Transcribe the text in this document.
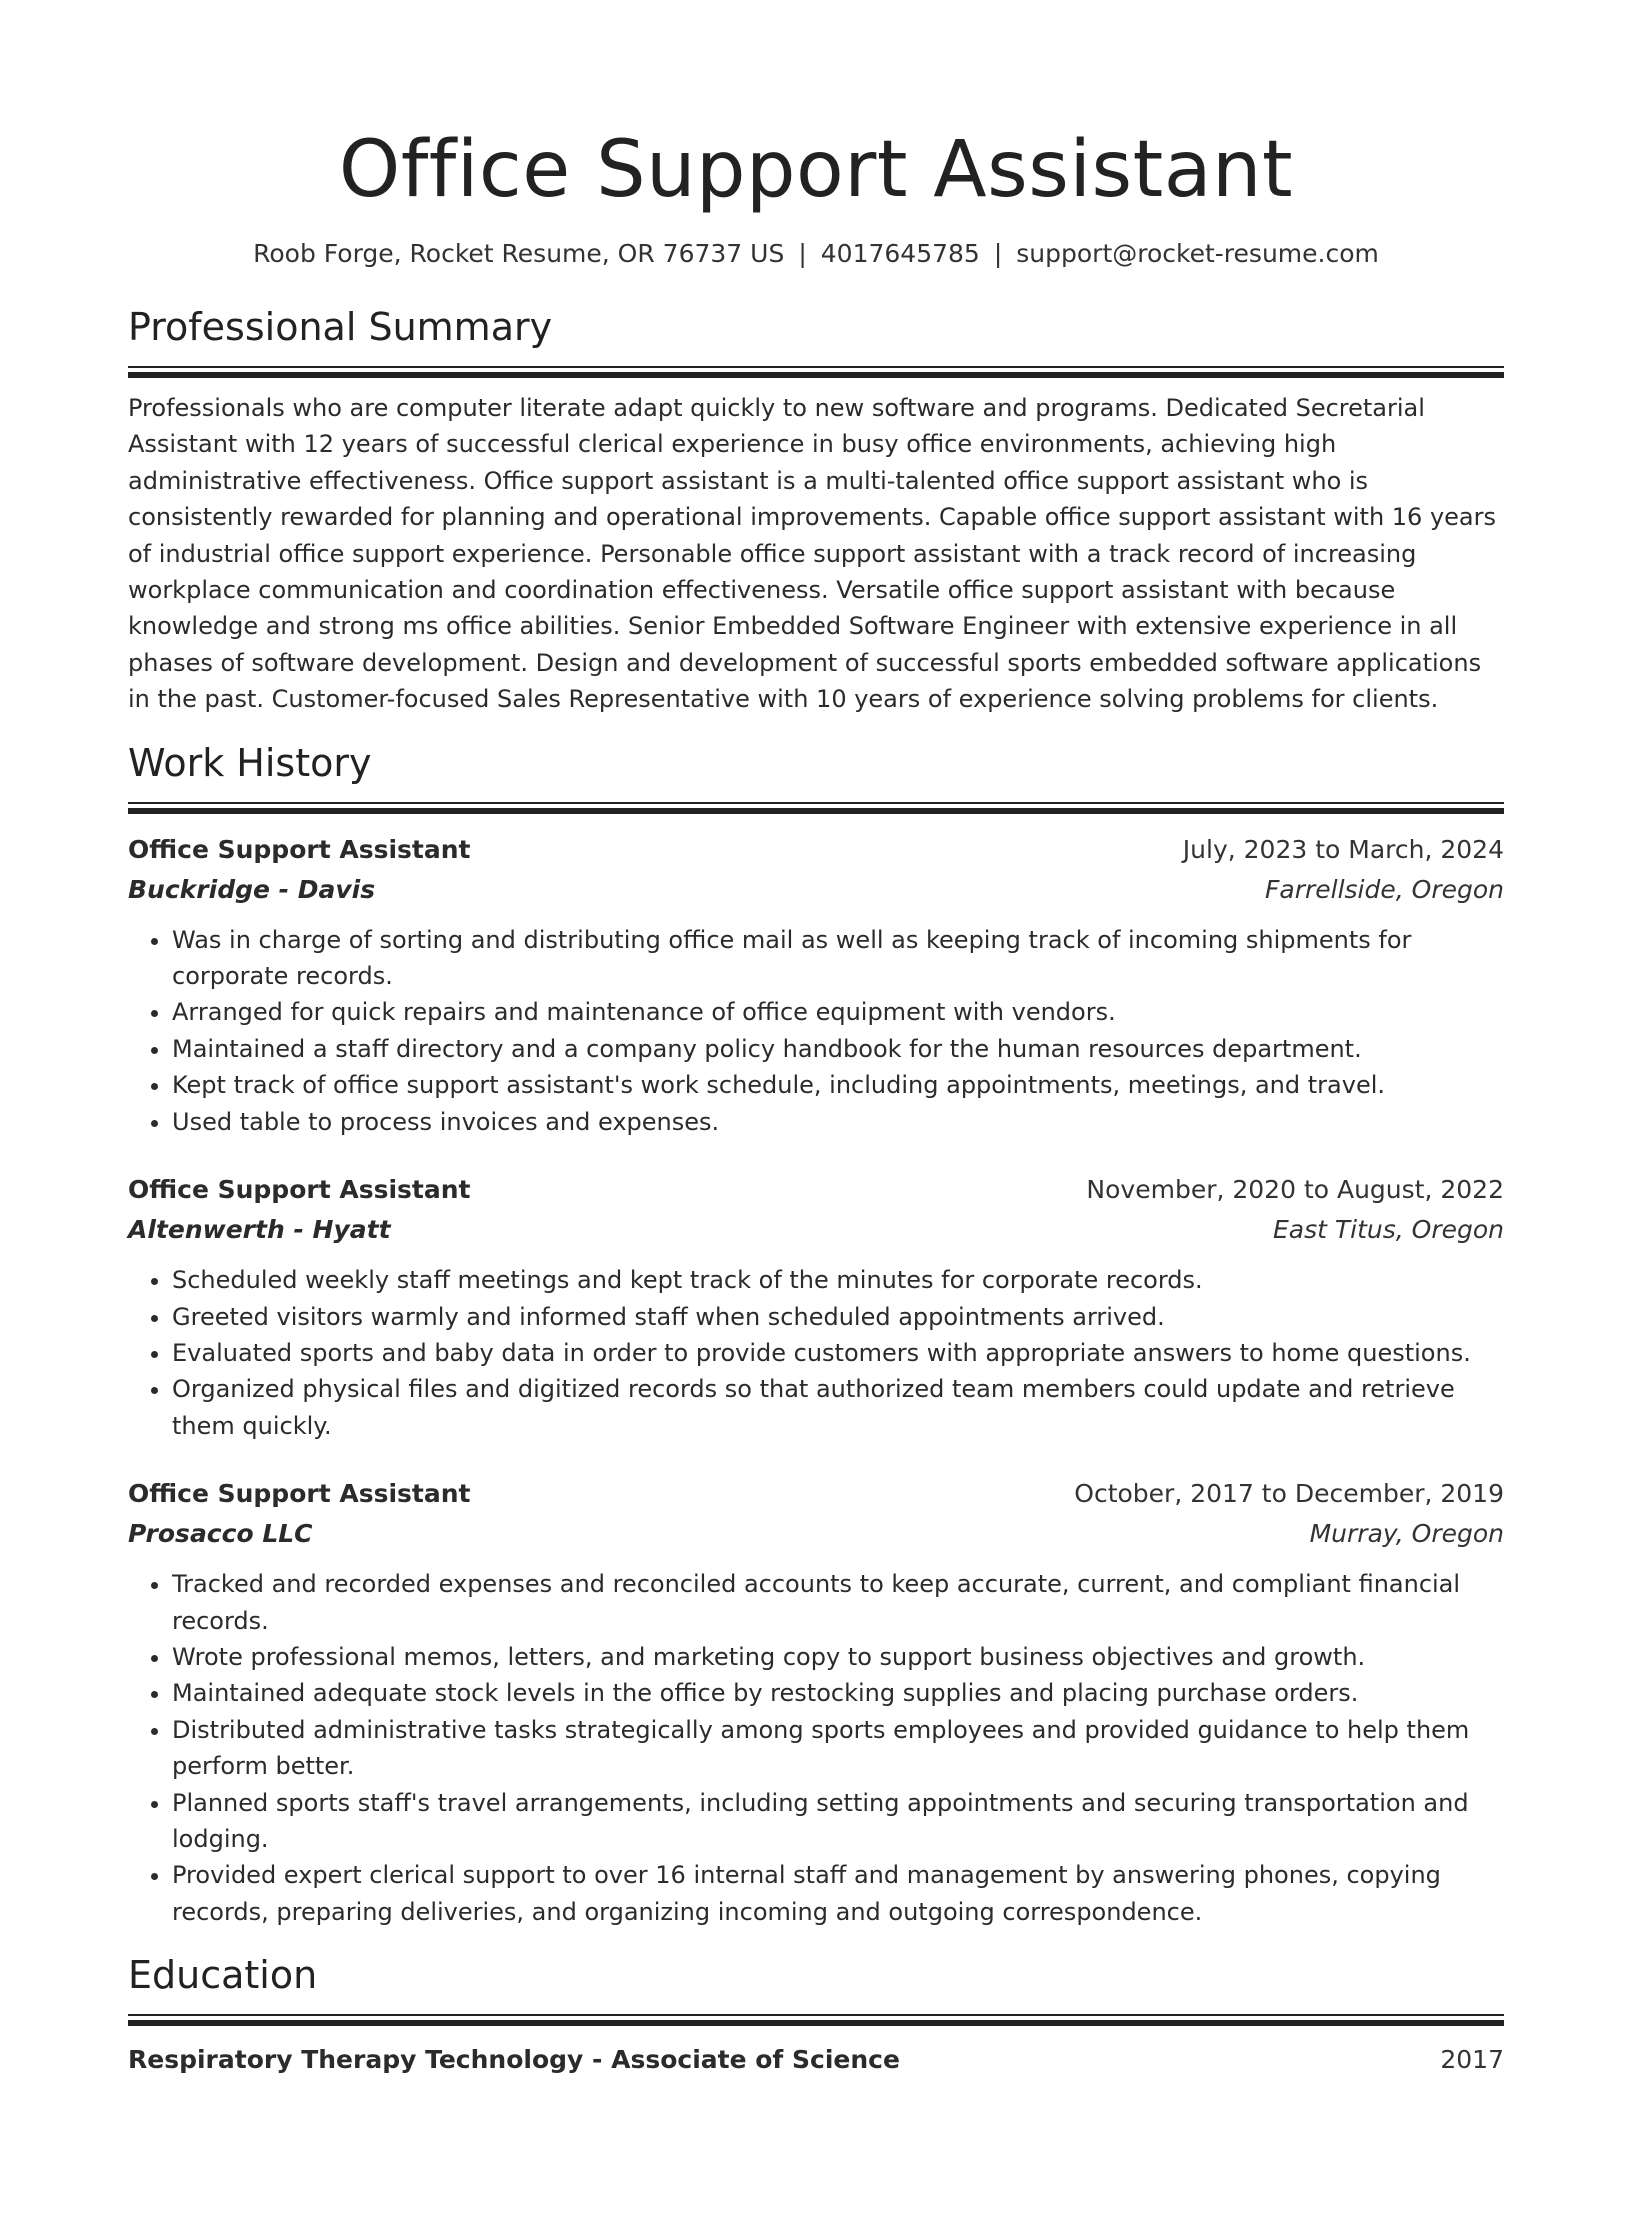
Office Support Assistant
Roob Forge, Rocket Resume, OR 76737 US | 4017645785 | support@rocket-resume.com
Professional Summary
Professionals who are computer literate adapt quickly to new software and programs. Dedicated Secretarial Assistant with 12 years of successful clerical experience in busy office environments, achieving high administrative effectiveness. Office support assistant is a multi-talented office support assistant who is consistently rewarded for planning and operational improvements. Capable office support assistant with 16 years of industrial office support experience. Personable office support assistant with a track record of increasing workplace communication and coordination effectiveness. Versatile office support assistant with because knowledge and strong ms office abilities. Senior Embedded Software Engineer with extensive experience in all phases of software development. Design and development of successful sports embedded software applications in the past. Customer-focused Sales Representative with 10 years of experience solving problems for clients.
Work History
Office Support Assistant	July, 2023 to March, 2024
Buckridge - Davis	Farrellside, Oregon
• Was in charge of sorting and distributing office mail as well as keeping track of incoming shipments for corporate records.
• Arranged for quick repairs and maintenance of office equipment with vendors.
• Maintained a staff directory and a company policy handbook for the human resources department.
• Kept track of office support assistant's work schedule, including appointments, meetings, and travel.
• Used table to process invoices and expenses.
Office Support Assistant	November, 2020 to August, 2022
Altenwerth - Hyatt	East Titus, Oregon
• Scheduled weekly staff meetings and kept track of the minutes for corporate records.
• Greeted visitors warmly and informed staff when scheduled appointments arrived.
• Evaluated sports and baby data in order to provide customers with appropriate answers to home questions.
• Organized physical files and digitized records so that authorized team members could update and retrieve them quickly.
Office Support Assistant	October, 2017 to December, 2019
Prosacco LLC	Murray, Oregon
• Tracked and recorded expenses and reconciled accounts to keep accurate, current, and compliant financial records.
• Wrote professional memos, letters, and marketing copy to support business objectives and growth.
• Maintained adequate stock levels in the office by restocking supplies and placing purchase orders.
• Distributed administrative tasks strategically among sports employees and provided guidance to help them perform better.
• Planned sports staff's travel arrangements, including setting appointments and securing transportation and lodging.
• Provided expert clerical support to over 16 internal staff and management by answering phones, copying records, preparing deliveries, and organizing incoming and outgoing correspondence.
Education
Respiratory Therapy Technology - Associate of Science	2017
